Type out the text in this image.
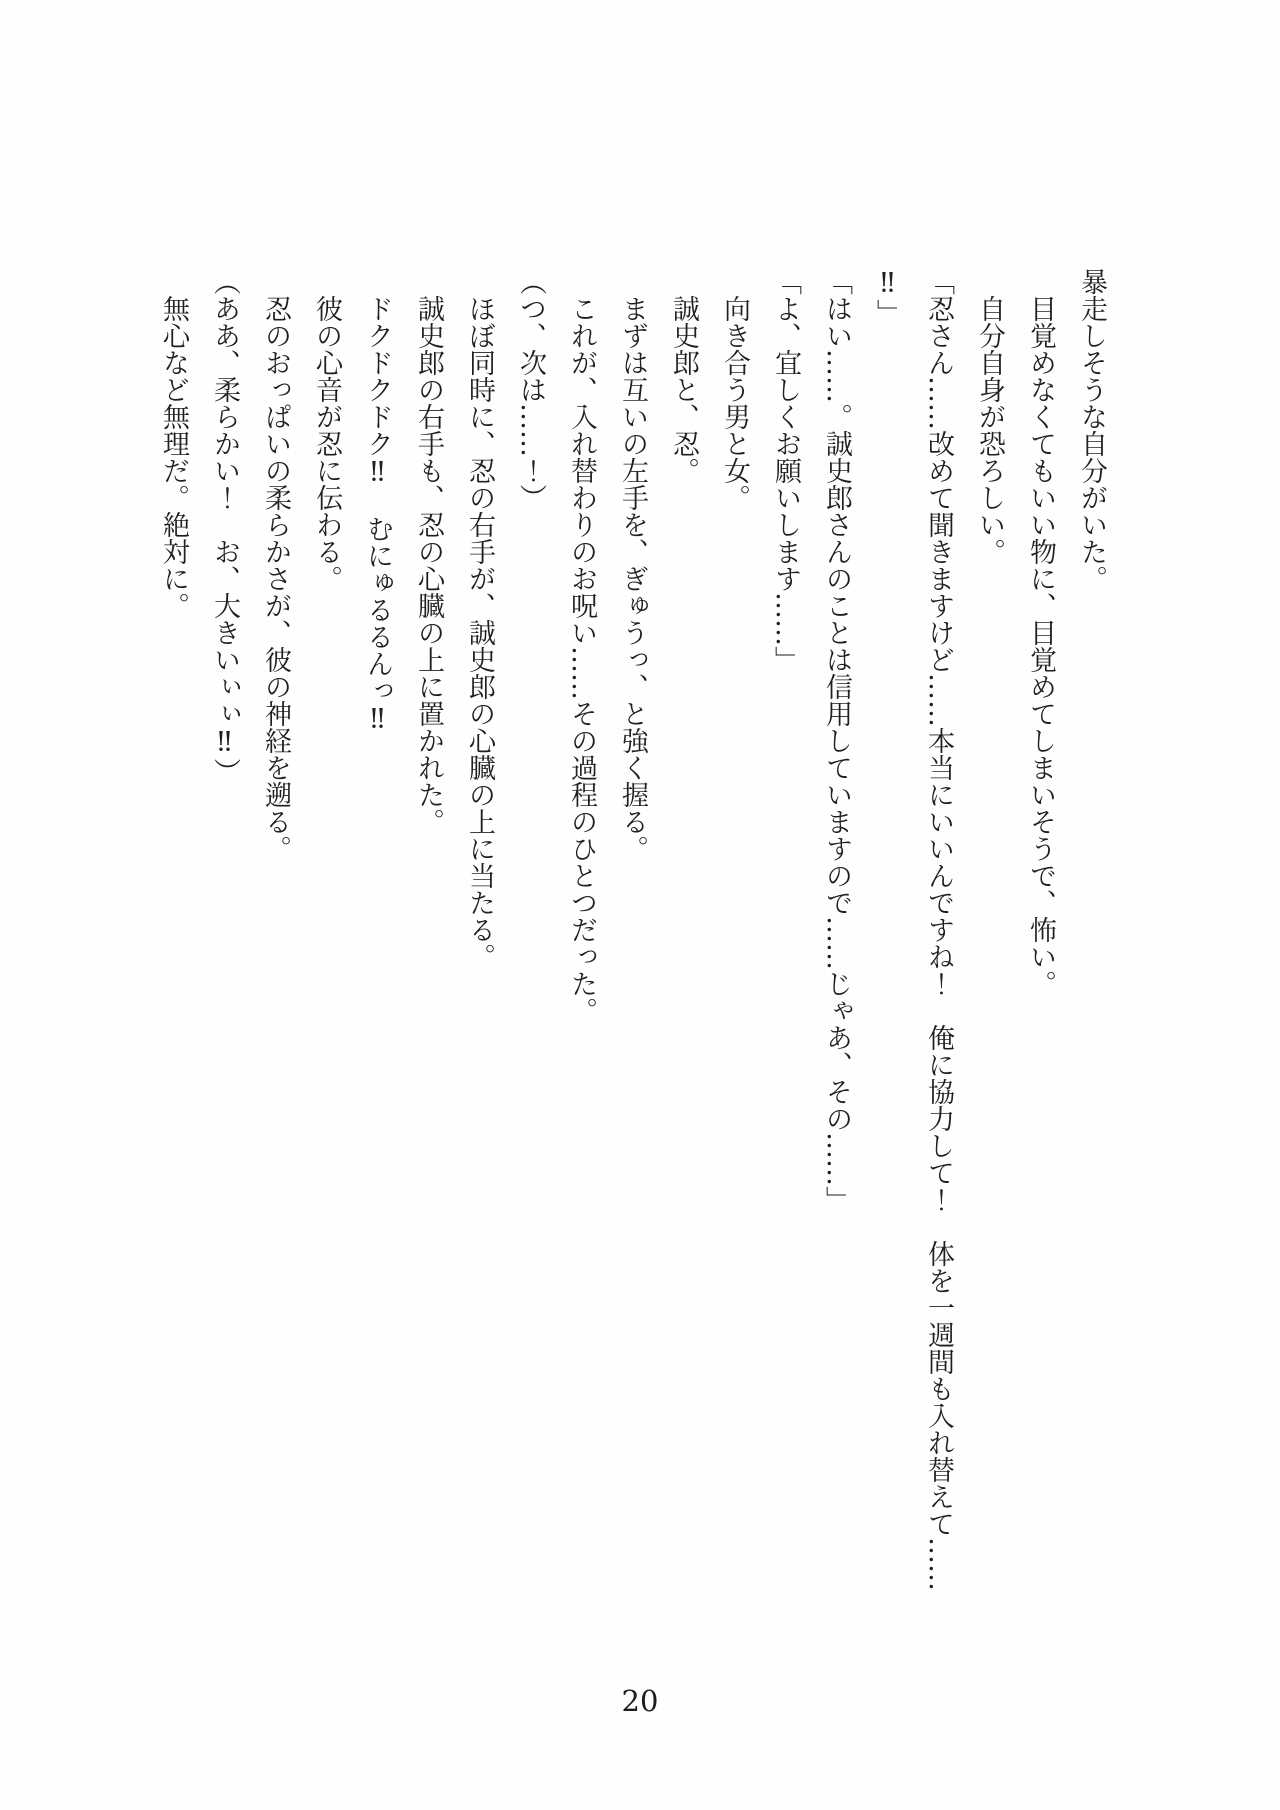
暴走しそうな自分がいた。

目覚めなくてもいい物に、目覚めてしまいそうで、怖い。

自分自身が恐ろしい。

「忍さん……改めて聞きますけど……本当にいいんですね！　俺に協力して！　体を一週間も入れ替えて……

‼」

「はい……。誠史郎さんのことは信用していますので……じゃあ、その……」

「よ、宜しくお願いします……」

向き合う男と女。

誠史郎と、忍。

まずは互いの左手を、ぎゅうっ、と強く握る。

これが、入れ替わりのお呪い……その過程のひとつだった。

（つ、次は……！）

ほぼ同時に、忍の右手が、誠史郎の心臓の上に当たる。

誠史郎の右手も、忍の心臓の上に置かれた。

ドクドクドク‼　むにゅるるんっ‼

彼の心音が忍に伝わる。

忍のおっぱいの柔らかさが、彼の神経を遡る。

（ああ、柔らかい！　お、大きいぃぃ‼）

無心など無理だ。絶対に。

20
